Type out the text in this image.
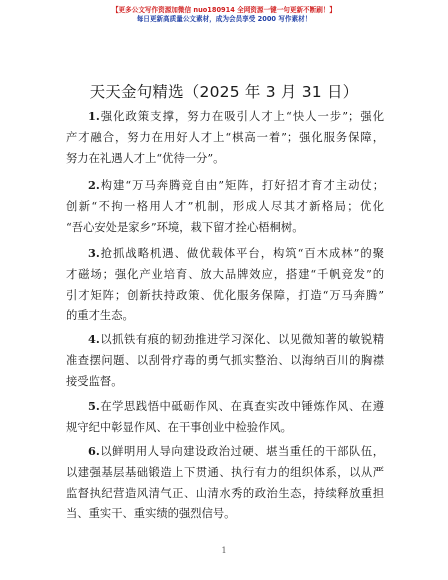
【更多公文写作资源加微信 nuo180914 全网资源一键一句更新不断刷！】
每日更新高质量公文素材，成为会员享受 2000 写作素材！
天天金句精选（2025 年 3 月 31 日）
1.强化政策支撑，努力在吸引人才上“快人一步”；强化
产才融合，努力在用好人才上“棋高一着”；强化服务保障，
努力在礼遇人才上“优待一分”。
2.构建“万马奔腾竞自由”矩阵，打好招才育才主动仗；
创新“不拘一格用人才”机制，形成人尽其才新格局；优化
“吾心安处是家乡”环境，栽下留才拴心梧桐树。
3.抢抓战略机遇、做优载体平台，构筑“百木成林”的聚
才磁场；强化产业培育、放大品牌效应，搭建“千帆竞发”的
引才矩阵；创新扶持政策、优化服务保障，打造“万马奔腾”
的重才生态。
4.以抓铁有痕的韧劲推进学习深化、以见微知著的敏锐精
准查摆问题、以刮骨疗毒的勇气抓实整治、以海纳百川的胸襟
接受监督。
5.在学思践悟中砥砺作风、在真查实改中锤炼作风、在遵
规守纪中彰显作风、在干事创业中检验作风。
6.以鲜明用人导向建设政治过硬、堪当重任的干部队伍，
以建强基层基础锻造上下贯通、执行有力的组织体系，以从严
监督执纪营造风清气正、山清水秀的政治生态，持续释放重担
当、重实干、重实绩的强烈信号。
1
